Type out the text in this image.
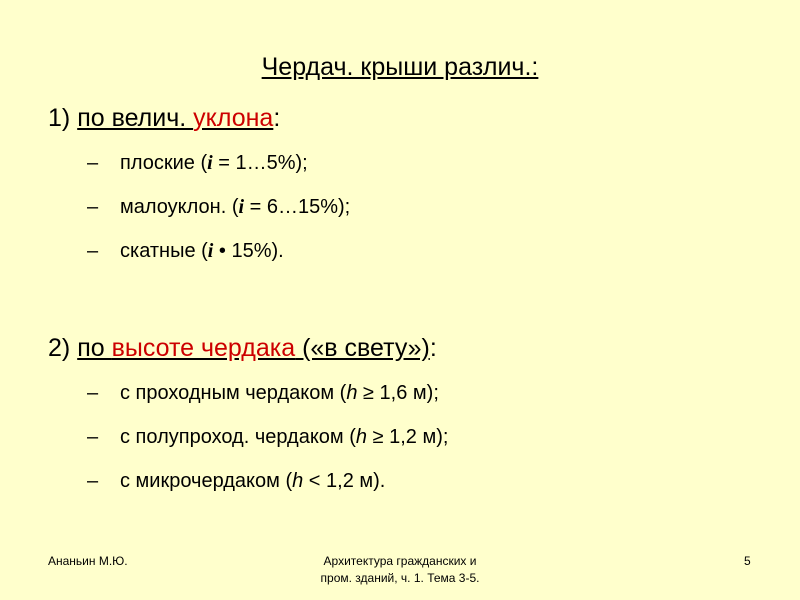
Чердач. крыши различ.:
1) по велич. уклона:
– плоские (i = 1…5%);
– малоуклон. (i = 6…15%);
– скатные (i • 15%).
2) по высоте чердака («в свету»):
– с проходным чердаком (h ≥ 1,6 м);
– с полупроход. чердаком (h ≥ 1,2 м);
– с микрочердаком (h < 1,2 м).
Ананьин М.Ю.	Архитектура гражданских и
пром. зданий, ч. 1. Тема 3-5.
5
